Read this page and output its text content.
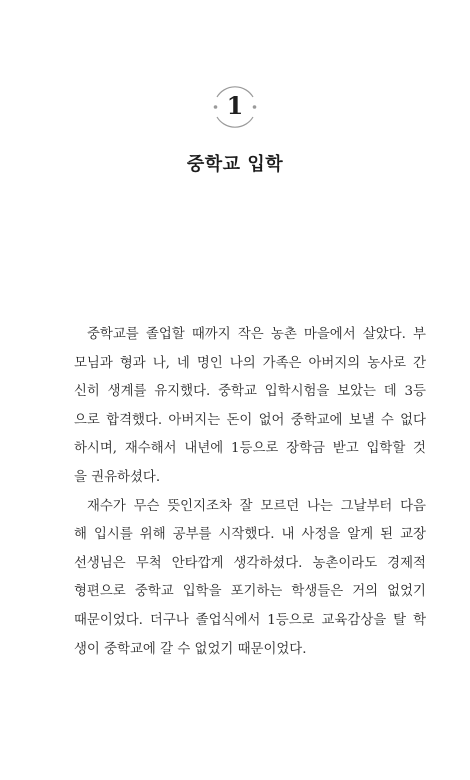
1
중학교 입학
중학교를 졸업할 때까지 작은 농촌 마을에서 살았다. 부
모님과 형과 나, 네 명인 나의 가족은 아버지의 농사로 간
신히 생계를 유지했다. 중학교 입학시험을 보았는 데 3등
으로 합격했다. 아버지는 돈이 없어 중학교에 보낼 수 없다
하시며, 재수해서 내년에 1등으로 장학금 받고 입학할 것
을 권유하셨다.
재수가 무슨 뜻인지조차 잘 모르던 나는 그날부터 다음
해 입시를 위해 공부를 시작했다. 내 사정을 알게 된 교장
선생님은 무척 안타깝게 생각하셨다. 농촌이라도 경제적
형편으로 중학교 입학을 포기하는 학생들은 거의 없었기
때문이었다. 더구나 졸업식에서 1등으로 교육감상을 탈 학
생이 중학교에 갈 수 없었기 때문이었다.
